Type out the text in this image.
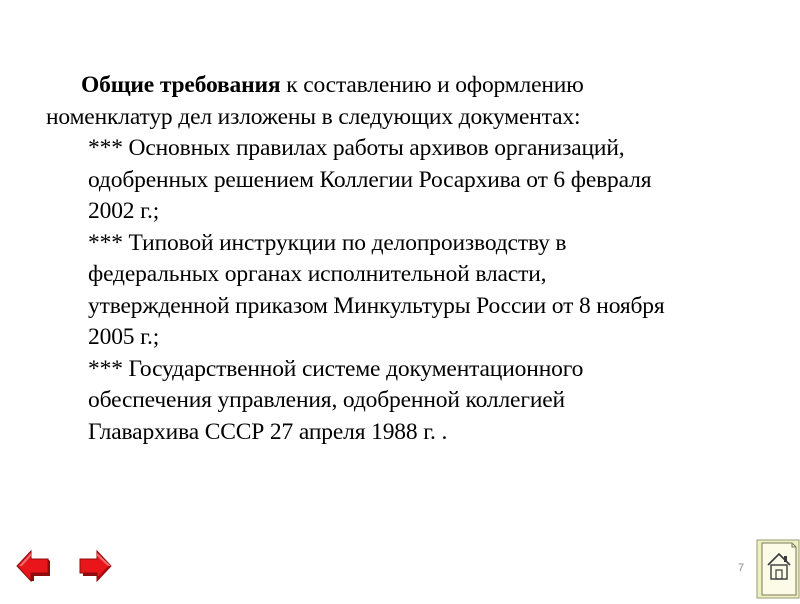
Общие требования к составлению и оформлению
номенклатур дел изложены в следующих документах:

*** Основных правилах работы архивов организаций,
одобренных решением Коллегии Росархива от 6 февраля
2002 г.;
*** Типовой инструкции по делопроизводству в
федеральных органах исполнительной власти,
утвержденной приказом Минкультуры России от 8 ноября
2005 г.;
*** Государственной системе документационного
обеспечения управления, одобренной коллегией
Главархива СССР 27 апреля 1988 г. .
7
